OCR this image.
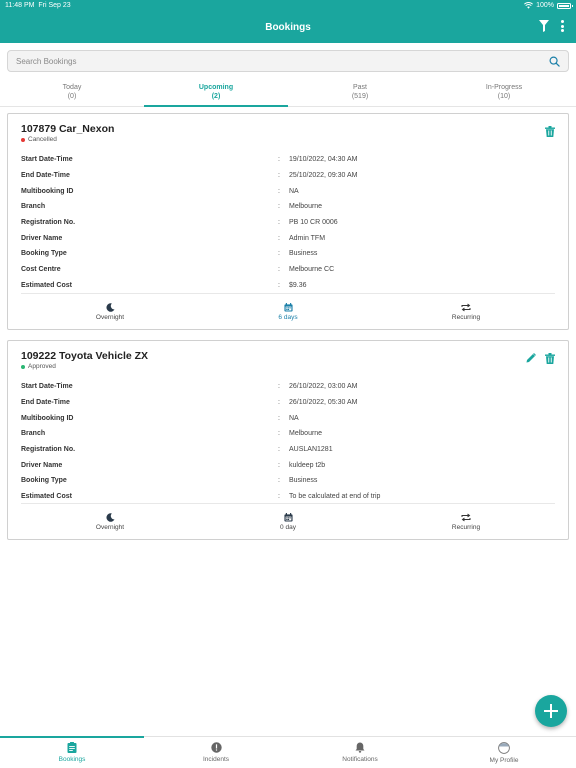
11:48 PM Fri Sep 23	100%
Bookings
Search Bookings
Today
(0)
Upcoming
(2)
Past
(519)
In-Progress
(10)
107879 Car_Nexon
Cancelled
Start Date-Time	:	19/10/2022, 04:30 AM
End Date-Time	:	25/10/2022, 09:30 AM
Multibooking ID	:	NA
Branch	:	Melbourne
Registration No.	:	PB 10 CR 0006
Driver Name	:	Admin TFM
Booking Type	:	Business
Cost Centre	:	Melbourne CC
Estimated Cost	:	$9.36
Overnight	6 days	Recurring
109222 Toyota Vehicle ZX
Approved
Start Date-Time	:	26/10/2022, 03:00 AM
End Date-Time	:	26/10/2022, 05:30 AM
Multibooking ID	:	NA
Branch	:	Melbourne
Registration No.	:	AUSLAN1281
Driver Name	:	kuldeep t2b
Booking Type	:	Business
Estimated Cost	:	To be calculated at end of trip
Overnight	0 day	Recurring
Bookings	Incidents	Notifications	My Profile
